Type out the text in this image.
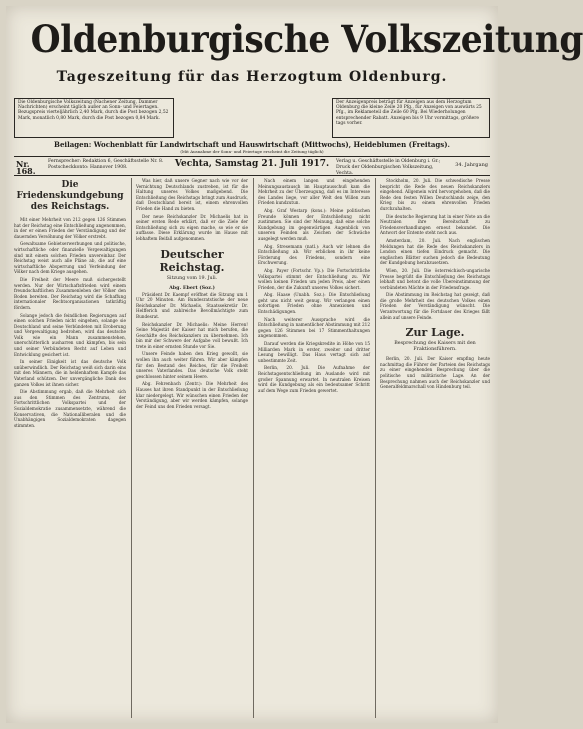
Oldenburgische Volkszeitung
Tageszeitung für das Herzogtum Oldenburg.
Die Oldenburgische Volkszeitung (Nachener Zeitung, Dammer Nachrichten) erscheint täglich außer an Sonn- und Feiertagen. Bezugspreis vierteljährlich 2,40 Mark, durch die Post bezogen 2,52 Mark, monatlich 0,80 Mark, durch die Post bezogen 0,84 Mark.
Der Anzeigenpreis beträgt für Anzeigen aus dem Herzogtum Oldenburg die kleine Zeile 20 Pfg., für Anzeigen von auswärts 25 Pfg., im Reklameteil die Zeile 60 Pfg. Bei Wiederholungen entsprechender Rabatt. Anzeigen bis 9 Uhr vormittags, größere tags vorher.
Beilagen: Wochenblatt für Landwirtschaft und Hauswirtschaft (Mittwochs), Heideblumen (Freitags).
(Mit Ausnahme der Sonn- und Feiertage erscheint die Zeitung täglich)
Nr. 168.
Fernsprecher: Redaktion 6, Geschäftsstelle Nr. 8. Postscheckkonto: Hannover 1908.	Vechta, Samstag 21. Juli 1917.	Verlag u. Geschäftsstelle in Oldenburg i. Gr.; Druck der Oldenburgischen Volkszeitung, Vechta.
34. Jahrgang
Die Friedenskundgebung des Reichstags.
Mit einer Mehrheit von 212 gegen 126 Stimmen hat der Reichstag eine Entschließung angenommen, in der er einen Frieden der Verständigung und der dauernden Versöhnung der Völker erstrebt.
Gewaltsame Gebietserwerbungen und politische, wirtschaftliche oder finanzielle Vergewaltigungen sind mit einem solchen Frieden unvereinbar. Der Reichstag weist auch alle Pläne ab, die auf eine wirtschaftliche Absperrung und Verfeindung der Völker nach dem Kriege ausgehen.
Die Freiheit der Meere muß sichergestellt werden. Nur der Wirtschaftsfrieden wird einem freundschaftlichen Zusammenleben der Völker den Boden bereiten. Der Reichstag wird die Schaffung internationaler Rechtsorganisationen tatkräftig fördern.
Solange jedoch die feindlichen Regierungen auf einen solchen Frieden nicht eingehen, solange sie Deutschland und seine Verbündeten mit Eroberung und Vergewaltigung bedrohen, wird das deutsche Volk wie ein Mann zusammenstehen, unerschütterlich ausharren und kämpfen, bis sein und seiner Verbündeten Recht auf Leben und Entwicklung gesichert ist.
In seiner Einigkeit ist das deutsche Volk unüberwindlich. Der Reichstag weiß sich darin eins mit den Männern, die in heldenhaftem Kampfe das Vaterland schützen. Der unvergängliche Dank des ganzen Volkes ist ihnen sicher.
Die Abstimmung ergab, daß die Mehrheit sich aus den Stimmen des Zentrums, der Fortschrittlichen Volkspartei und der Sozialdemokratie zusammensetzte, während die Konservativen, die Nationalliberalen und die Unabhängigen Sozialdemokraten dagegen stimmten.
Was hier, daß unsere Gegner nach wie vor der Vernichtung Deutschlands zustreben, ist für die Haltung unseres Volkes maßgebend. Die Entschließung des Reichstags bringt zum Ausdruck, daß Deutschland bereit ist, einem ehrenvollen Frieden die Hand zu bieten.
Der neue Reichskanzler Dr. Michaelis hat in seiner ersten Rede erklärt, daß er die Ziele der Entschließung sich zu eigen mache, so wie er sie auffasse. Diese Erklärung wurde im Hause mit lebhaftem Beifall aufgenommen.
Deutscher Reichstag.
Sitzung vom 19. Juli.
Abg. Ebert (Soz.)
Präsident Dr. Kaempf eröffnet die Sitzung um 1 Uhr 20 Minuten. Am Bundesratstische der neue Reichskanzler Dr. Michaelis, Staatssekretär Dr. Helfferich und zahlreiche Bevollmächtigte zum Bundesrat.
Reichskanzler Dr. Michaelis: Meine Herren! Seine Majestät der Kaiser hat mich berufen, die Geschäfte des Reichskanzlers zu übernehmen. Ich bin mir der Schwere der Aufgabe voll bewußt. Ich trete in einer ernsten Stunde vor Sie.
Unsere Feinde haben den Krieg gewollt, sie wollen ihn auch weiter führen. Wir aber kämpfen für den Bestand des Reiches, für die Freiheit unseres Vaterlandes. Das deutsche Volk steht geschlossen hinter seinem Heere.
Abg. Fehrenbach (Zentr.): Die Mehrheit des Hauses hat ihren Standpunkt in der Entschließung klar niedergelegt. Wir wünschen einen Frieden der Verständigung, aber wir werden kämpfen, solange der Feind uns den Frieden versagt.
Nach einem langen und eingehenden Meinungsaustausch im Hauptausschuß kam die Mehrheit zu der Überzeugung, daß es im Interesse des Landes liege, vor aller Welt den Willen zum Frieden kundzutun.
Abg. Graf Westarp (kons.): Meine politischen Freunde können der Entschließung nicht zustimmen. Sie sind der Meinung, daß eine solche Kundgebung im gegenwärtigen Augenblick von unseren Feinden als Zeichen der Schwäche ausgelegt werden muß.
Abg. Stresemann (natl.): Auch wir lehnen die Entschließung ab. Wir erblicken in ihr keine Förderung des Friedens, sondern eine Erschwerung.
Abg. Payer (Fortschr. Vp.): Die Fortschrittliche Volkspartei stimmt der Entschließung zu. Wir wollen keinen Frieden um jeden Preis, aber einen Frieden, der die Zukunft unseres Volkes sichert.
Abg. Haase (Unabh. Soz.): Die Entschließung geht uns nicht weit genug. Wir verlangen einen sofortigen Frieden ohne Annexionen und Entschädigungen.
Nach weiterer Aussprache wird die Entschließung in namentlicher Abstimmung mit 212 gegen 126 Stimmen bei 17 Stimmenthaltungen angenommen.
Darauf werden die Kriegskredite in Höhe von 15 Milliarden Mark in erster, zweiter und dritter Lesung bewilligt. Das Haus vertagt sich auf unbestimmte Zeit.
Berlin, 20. Juli. Die Aufnahme der Reichstagsentschließung im Auslande wird mit großer Spannung erwartet. In neutralen Kreisen wird die Kundgebung als ein bedeutsamer Schritt auf dem Wege zum Frieden gewertet.
Stockholm, 20. Juli. Die schwedische Presse bespricht die Rede des neuen Reichskanzlers eingehend. Allgemein wird hervorgehoben, daß die Rede den festen Willen Deutschlands zeige, den Krieg bis zu einem ehrenvollen Frieden durchzuhalten.
Die deutsche Regierung hat in einer Note an die Neutralen ihre Bereitschaft zu Friedensverhandlungen erneut bekundet. Die Antwort der Entente steht noch aus.
Amsterdam, 20. Juli. Nach englischen Meldungen hat die Rede des Reichskanzlers in London einen tiefen Eindruck gemacht. Die englischen Blätter suchen jedoch die Bedeutung der Kundgebung herabzusetzen.
Wien, 20. Juli. Die österreichisch-ungarische Presse begrüßt die Entschließung des Reichstags lebhaft und betont die volle Übereinstimmung der verbündeten Mächte in der Friedensfrage.
Die Abstimmung im Reichstag hat gezeigt, daß die große Mehrheit des deutschen Volkes einen Frieden der Verständigung wünscht. Die Verantwortung für die Fortdauer des Krieges fällt allein auf unsere Feinde.
Zur Lage.
Besprechung des Kaisers mit den Fraktionsführern.
Berlin, 20. Juli. Der Kaiser empfing heute nachmittag die Führer der Parteien des Reichstags zu einer eingehenden Besprechung über die politische und militärische Lage. An der Besprechung nahmen auch der Reichskanzler und Generalfeldmarschall von Hindenburg teil.
